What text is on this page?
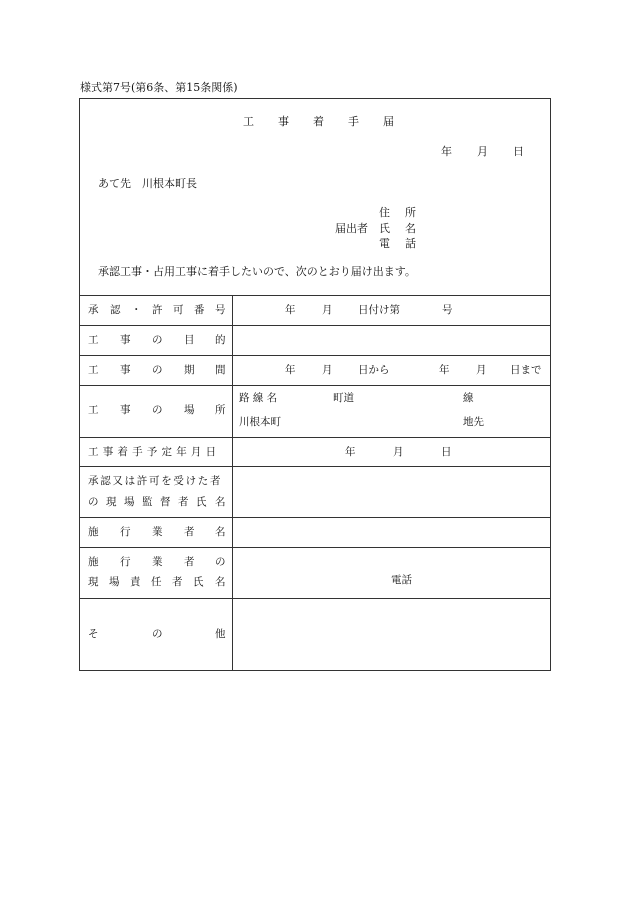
様式第7号(第6条、第15条関係)
工 事 着 手 届
年 月 日
あて先　川根本町長
住 所
届出者 氏 名
電 話
承認工事・占用工事に着手したいので、次のとおり届け出ます。
承 認 ・ 許 可 番 号	年	月 日付け第	号
工 事 の 目 的
工 事 の 期 間	年	月 日から	年	月 日まで
工 事 の 場 所
路 線 名	町道	線
川根本町	地先
工事着手予定年月日	年	月	日
承認又は許可を受けた者
の 現 場 監 督 者 氏 名
施 行 業 者 名
施 行 業 者 の
現 場 責 任 者 氏 名	電話
そ	の	他
